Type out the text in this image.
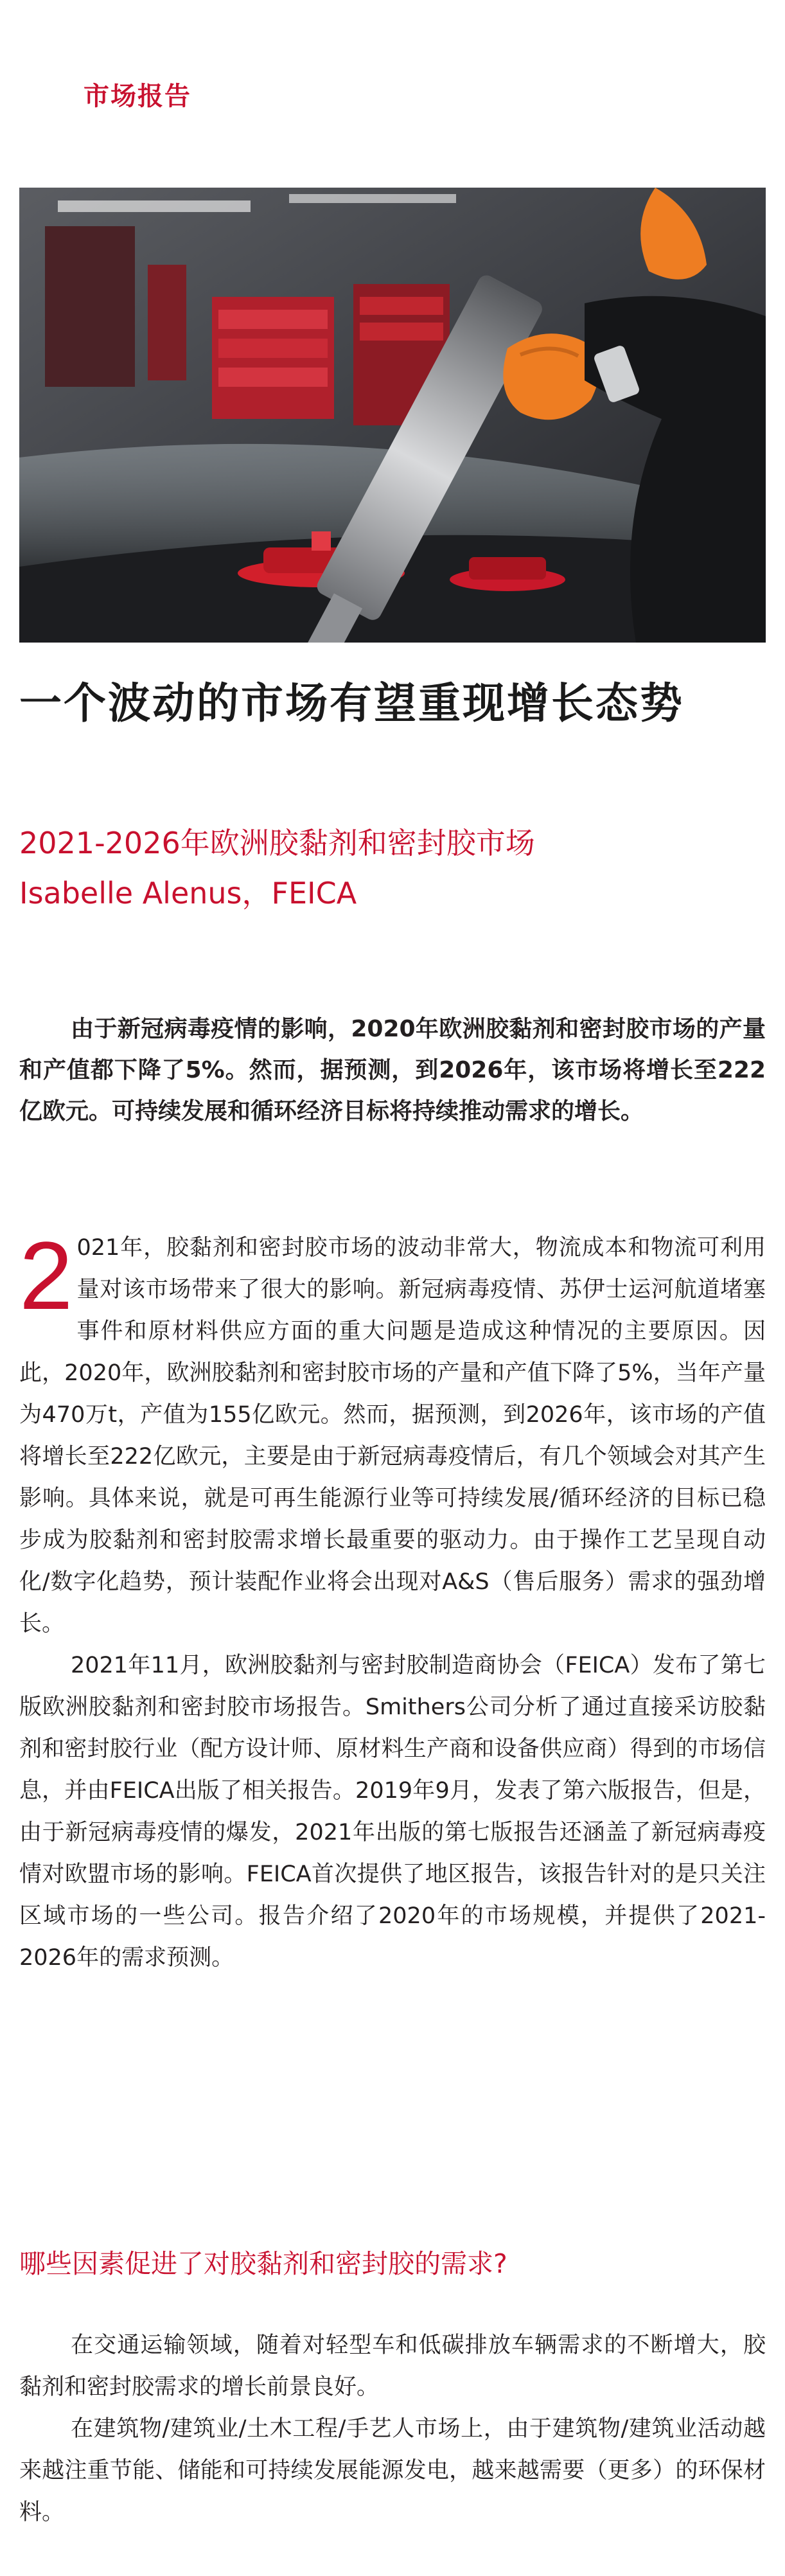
市场报告
一个波动的市场有望重现增长态势
2021-2026年欧洲胶黏剂和密封胶市场
Isabelle Alenus，FEICA
由于新冠病毒疫情的影响，2020年欧洲胶黏剂和密封胶市场的产量和产值都下降了5%。然而，据预测，到2026年，该市场将增长至222亿欧元。可持续发展和循环经济目标将持续推动需求的增长。

2 021年，胶黏剂和密封胶市场的波动非常大，物流成本和物流可利用量对该市场带来了很大的影响。新冠病毒疫情、苏伊士运河航道堵塞事件和原材料供应方面的重大问题是造成这种情况的主要原因。因此，2020年，欧洲胶黏剂和密封胶市场的产量和产值下降了5%，当年产量为470万t，产值为155亿欧元。然而，据预测，到2026年，该市场的产值将增长至222亿欧元，主要是由于新冠病毒疫情后，有几个领域会对其产生影响。具体来说，就是可再生能源行业等可持续发展/循环经济的目标已稳步成为胶黏剂和密封胶需求增长最重要的驱动力。由于操作工艺呈现自动化/数字化趋势，预计装配作业将会出现对A&S（售后服务）需求的强劲增长。

2021年11月，欧洲胶黏剂与密封胶制造商协会（FEICA）发布了第七版欧洲胶黏剂和密封胶市场报告。Smithers公司分析了通过直接采访胶黏剂和密封胶行业（配方设计师、原材料生产商和设备供应商）得到的市场信息，并由FEICA出版了相关报告。2019年9月，发表了第六版报告，但是，由于新冠病毒疫情的爆发，2021年出版的第七版报告还涵盖了新冠病毒疫情对欧盟市场的影响。FEICA首次提供了地区报告，该报告针对的是只关注区域市场的一些公司。报告介绍了2020年的市场规模，并提供了2021-2026年的需求预测。

哪些因素促进了对胶黏剂和密封胶的需求?

在交通运输领域，随着对轻型车和低碳排放车辆需求的不断增大，胶黏剂和密封胶需求的增长前景良好。

在建筑物/建筑业/土木工程/手艺人市场上，由于建筑物/建筑业活动越来越注重节能、储能和可持续发展能源发电，越来越需要（更多）的环保材料。
